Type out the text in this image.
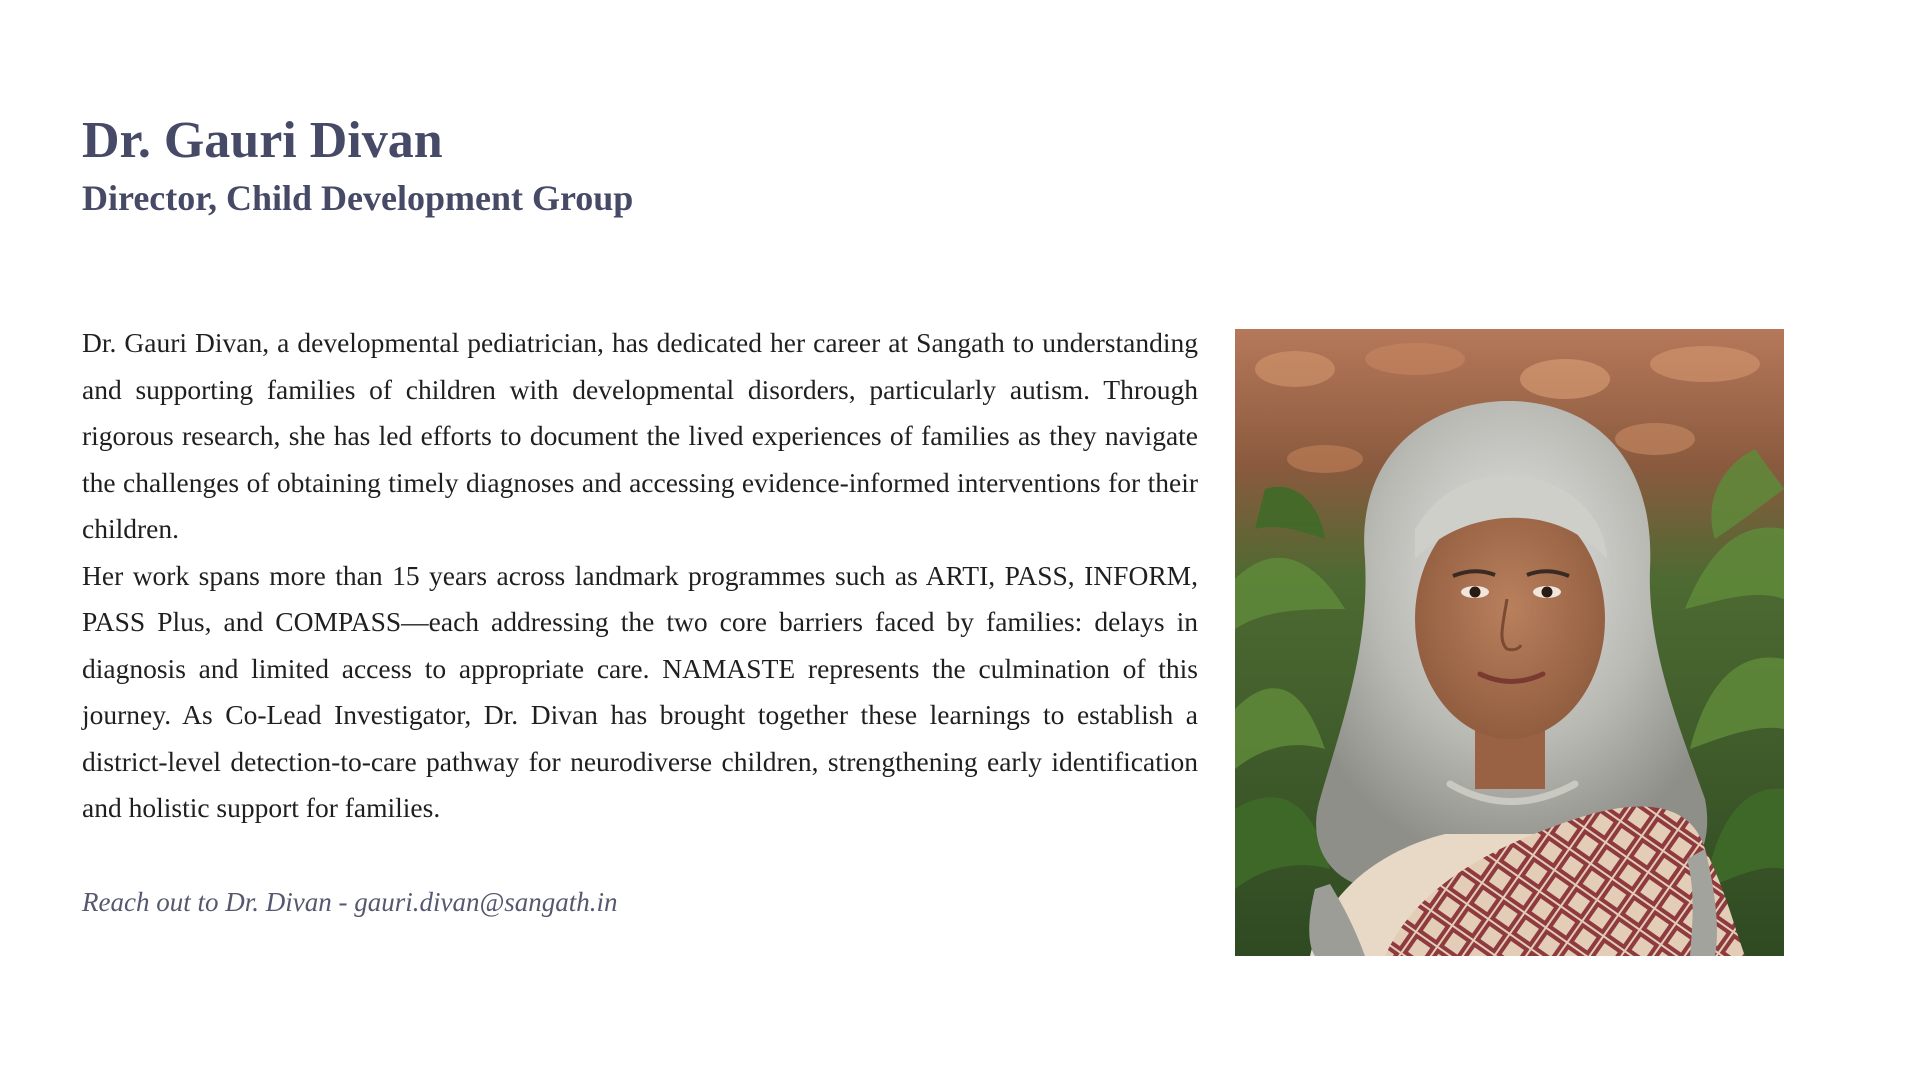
Dr. Gauri Divan
Director, Child Development Group

Dr. Gauri Divan, a developmental pediatrician, has dedicated her career at Sangath to understanding and supporting families of children with developmental disorders, particularly autism. Through rigorous research, she has led efforts to document the lived experiences of families as they navigate the challenges of obtaining timely diagnoses and accessing evidence-informed interventions for their children.

Her work spans more than 15 years across landmark programmes such as ARTI, PASS, INFORM, PASS Plus, and COMPASS—each addressing the two core barriers faced by families: delays in diagnosis and limited access to appropriate care. NAMASTE represents the culmination of this journey. As Co-Lead Investigator, Dr. Divan has brought together these learnings to establish a district-level detection-to-care pathway for neurodiverse children, strengthening early identification and holistic support for families.

Reach out to Dr. Divan - gauri.divan@sangath.in
